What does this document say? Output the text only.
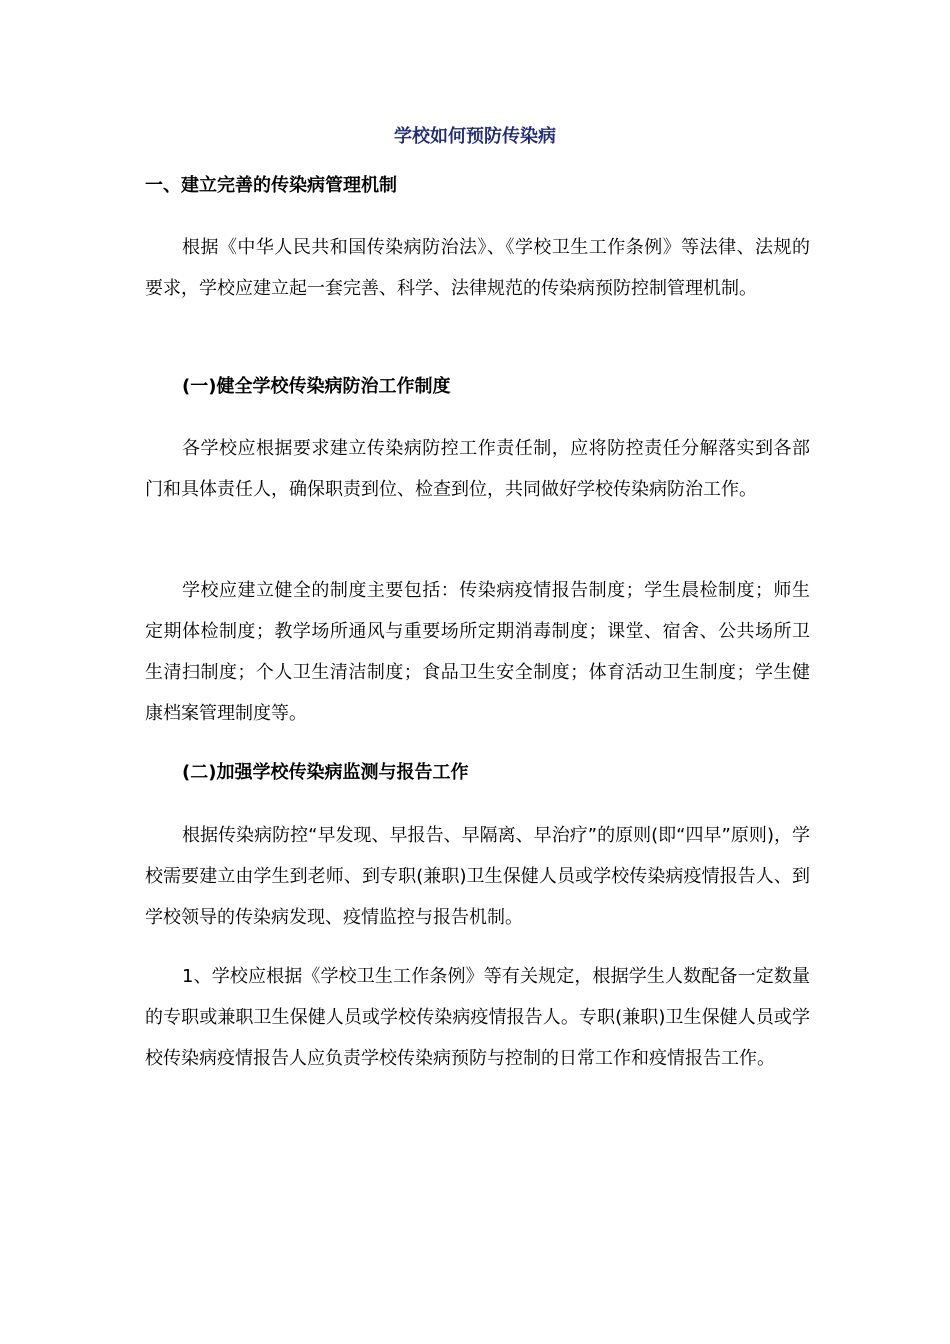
学校如何预防传染病
一、建立完善的传染病管理机制

根据《中华人民共和国传染病防治法》、《学校卫生工作条例》等法律、法规的要求，学校应建立起一套完善、科学、法律规范的传染病预防控制管理机制。

(一)健全学校传染病防治工作制度

各学校应根据要求建立传染病防控工作责任制，应将防控责任分解落实到各部门和具体责任人，确保职责到位、检查到位，共同做好学校传染病防治工作。

学校应建立健全的制度主要包括：传染病疫情报告制度；学生晨检制度；师生定期体检制度；教学场所通风与重要场所定期消毒制度；课堂、宿舍、公共场所卫生清扫制度；个人卫生清洁制度；食品卫生安全制度；体育活动卫生制度；学生健康档案管理制度等。

(二)加强学校传染病监测与报告工作

根据传染病防控“早发现、早报告、早隔离、早治疗”的原则(即“四早”原则)，学校需要建立由学生到老师、到专职(兼职)卫生保健人员或学校传染病疫情报告人、到学校领导的传染病发现、疫情监控与报告机制。

1、学校应根据《学校卫生工作条例》等有关规定，根据学生人数配备一定数量的专职或兼职卫生保健人员或学校传染病疫情报告人。专职(兼职)卫生保健人员或学校传染病疫情报告人应负责学校传染病预防与控制的日常工作和疫情报告工作。
